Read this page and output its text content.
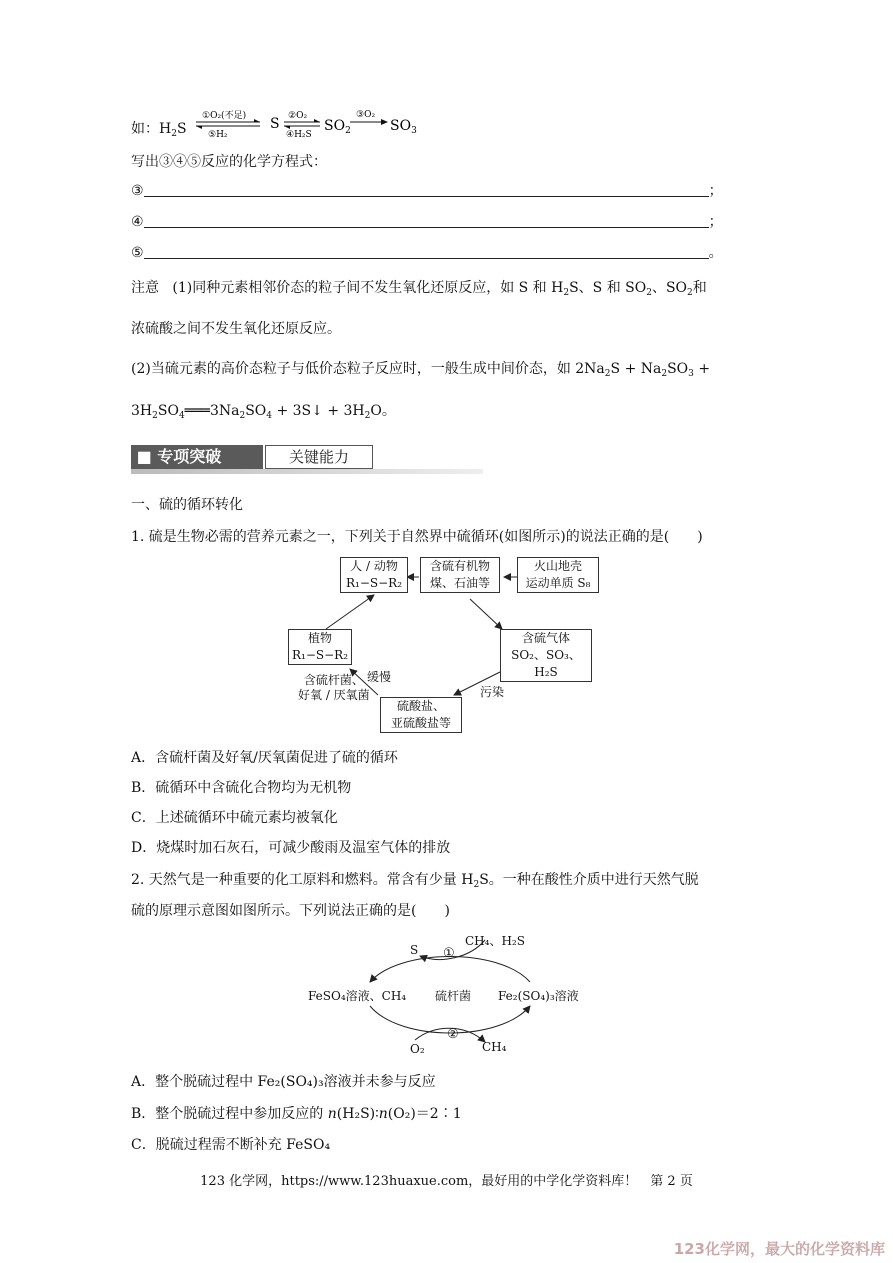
如：$H_2S$
①O₂(不足)
⑤H₂
S ②O₂
④H₂S
$SO_2$
③O₂
$SO_3$
写出③④⑤反应的化学方程式：
③	；
④	；
⑤	。
注意 (1)同种元素相邻价态的粒子间不发生氧化还原反应，如 S 和 $H_2S$、S 和 $SO_2$、$SO_2$和
浓硫酸之间不发生氧化还原反应。
(2)当硫元素的高价态粒子与低价态粒子反应时，一般生成中间价态，如 $2Na_2S + Na_2SO_3$ +
$3H_2SO_4═══3Na_2SO_4$ + 3S↓ + $3H_2O$。
■ 专项突破	关键能力
一、硫的循环转化
1. 硫是生物必需的营养元素之一，下列关于自然界中硫循环(如图所示)的说法正确的是(　　)
人 / 动物
R₁−S−R₂
含硫有机物
煤、石油等
火山地壳
运动单质 S₈
植物
R₁−S−R₂
含硫气体
SO₂、SO₃、H₂S
硫酸盐、
亚硫酸盐等
缓慢
含硫杆菌、
好氧 / 厌氧菌	污染
A．含硫杆菌及好氧/厌氧菌促进了硫的循环
B．硫循环中含硫化合物均为无机物
C．上述硫循环中硫元素均被氧化
D．烧煤时加石灰石，可减少酸雨及温室气体的排放
2. 天然气是一种重要的化工原料和燃料。常含有少量 $H_2S$。一种在酸性介质中进行天然气脱
硫的原理示意图如图所示。下列说法正确的是(　　)
CH₄、H₂S
S ①
FeSO₄溶液、CH₄ 硫杆菌 Fe₂(SO₄)₃溶液
②
O₂	CH₄
A．整个脱硫过程中 Fe₂(SO₄)₃溶液并未参与反应
B．整个脱硫过程中参加反应的 n(H₂S)∶n(O₂)＝2∶1
C．脱硫过程需不断补充 FeSO₄
123 化学网，https://www.123huaxue.com，最好用的中学化学资料库！　第 2 页
123化学网，最大的化学资料库
